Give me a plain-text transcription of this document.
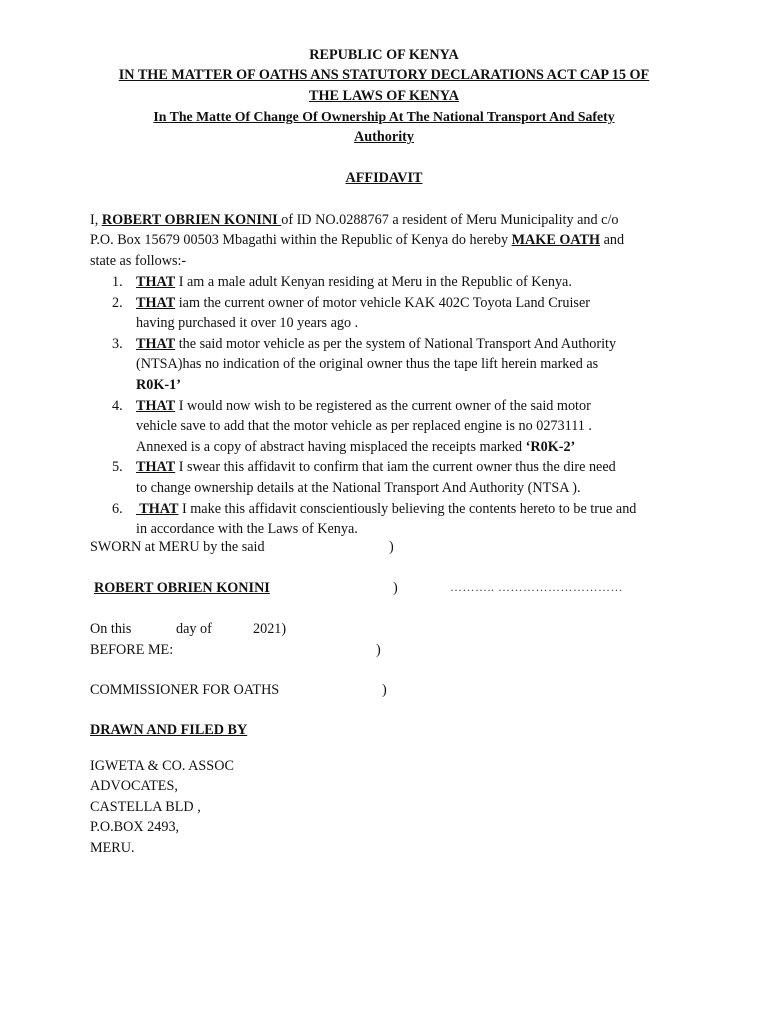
REPUBLIC OF KENYA
IN THE MATTER OF OATHS ANS STATUTORY DECLARATIONS ACT CAP 15 OF
THE LAWS OF KENYA
In The Matte Of Change Of Ownership At The National Transport And Safety
Authority
AFFIDAVIT

I, ROBERT OBRIEN KONINI of ID NO.0288767 a resident of Meru Municipality and c/o

P.O. Box 15679 00503 Mbagathi within the Republic of Kenya do hereby MAKE OATH and

state as follows:-

1. THAT I am a male adult Kenyan residing at Meru in the Republic of Kenya.
2. THAT iam the current owner of motor vehicle KAK 402C Toyota Land Cruiser
having purchased it over 10 years ago .
3. THAT the said motor vehicle as per the system of National Transport And Authority
(NTSA)has no indication of the original owner thus the tape lift herein marked as
R0K-1’
4. THAT I would now wish to be registered as the current owner of the said motor
vehicle save to add that the motor vehicle as per replaced engine is no 0273111 .
Annexed is a copy of abstract having misplaced the receipts marked ‘R0K-2’
5. THAT I swear this affidavit to confirm that iam the current owner thus the dire need
to change ownership details at the National Transport And Authority (NTSA ).
6. THAT I make this affidavit conscientiously believing the contents hereto to be true and
in accordance with the Laws of Kenya.
SWORN at MERU by the said	)
ROBERT OBRIEN KONINI	)	……….. …………………………
On this	day of	2021)
BEFORE ME:	)
COMMISSIONER FOR OATHS	)
DRAWN AND FILED BY
IGWETA & CO. ASSOC
ADVOCATES,
CASTELLA BLD ,
P.O.BOX 2493,
MERU.
